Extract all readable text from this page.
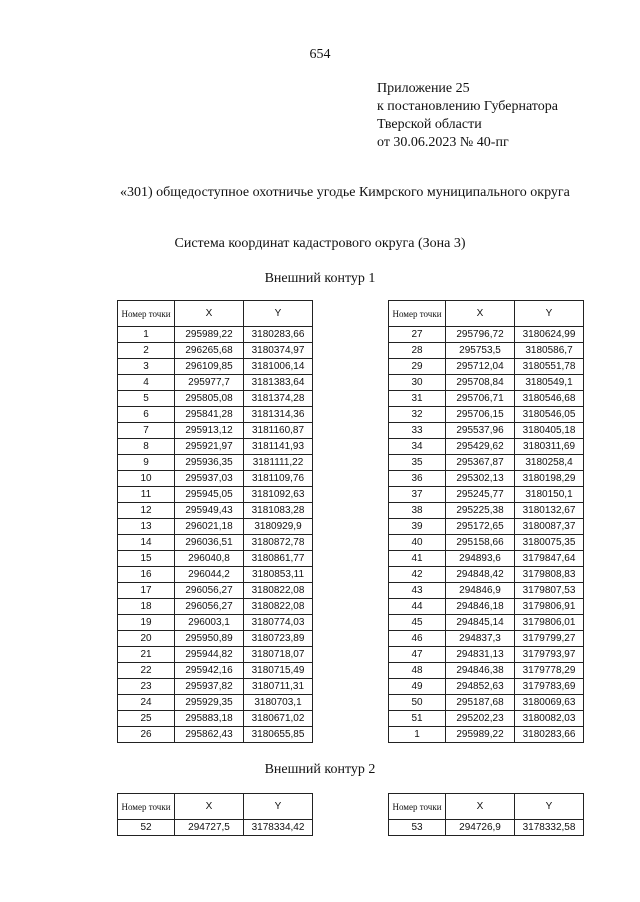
654
Приложение 25
к постановлению Губернатора
Тверской области
от 30.06.2023 № 40-пг
«301) общедоступное охотничье угодье Кимрского муниципального округа
Система координат кадастрового округа (Зона 3)
Внешний контур 1
Номер точки	X	Y
1	295989,22	3180283,66
2	296265,68	3180374,97
3	296109,85	3181006,14
4	295977,7	3181383,64
5	295805,08	3181374,28
6	295841,28	3181314,36
7	295913,12	3181160,87
8	295921,97	3181141,93
9	295936,35	3181111,22
10	295937,03	3181109,76
11	295945,05	3181092,63
12	295949,43	3181083,28
13	296021,18	3180929,9
14	296036,51	3180872,78
15	296040,8	3180861,77
16	296044,2	3180853,11
17	296056,27	3180822,08
18	296056,27	3180822,08
19	296003,1	3180774,03
20	295950,89	3180723,89
21	295944,82	3180718,07
22	295942,16	3180715,49
23	295937,82	3180711,31
24	295929,35	3180703,1
25	295883,18	3180671,02
26	295862,43	3180655,85
Номер точки	X	Y
27	295796,72	3180624,99
28	295753,5	3180586,7
29	295712,04	3180551,78
30	295708,84	3180549,1
31	295706,71	3180546,68
32	295706,15	3180546,05
33	295537,96	3180405,18
34	295429,62	3180311,69
35	295367,87	3180258,4
36	295302,13	3180198,29
37	295245,77	3180150,1
38	295225,38	3180132,67
39	295172,65	3180087,37
40	295158,66	3180075,35
41	294893,6	3179847,64
42	294848,42	3179808,83
43	294846,9	3179807,53
44	294846,18	3179806,91
45	294845,14	3179806,01
46	294837,3	3179799,27
47	294831,13	3179793,97
48	294846,38	3179778,29
49	294852,63	3179783,69
50	295187,68	3180069,63
51	295202,23	3180082,03
1	295989,22	3180283,66
Внешний контур 2
Номер точки	X	Y
52	294727,5	3178334,42
Номер точки	X	Y
53	294726,9	3178332,58
